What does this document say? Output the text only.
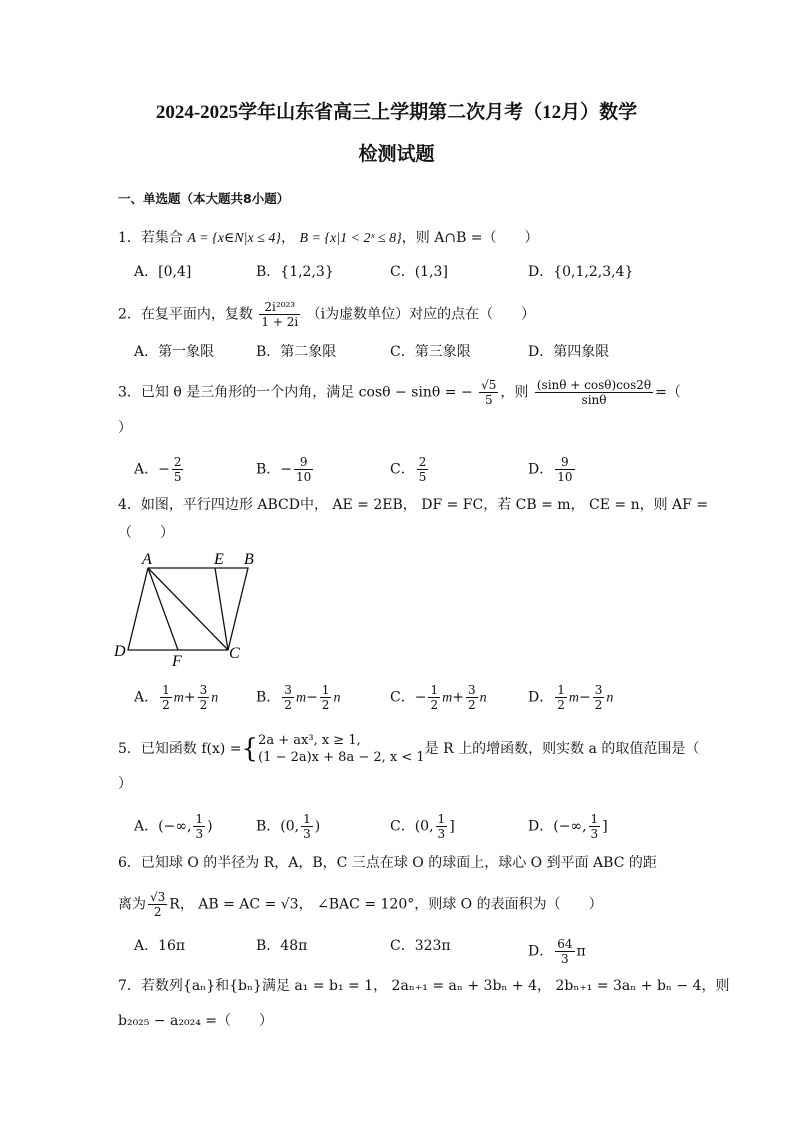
2024-2025学年山东省高三上学期第二次月考（12月）数学
检测试题
一、单选题（本大题共8小题）
1．若集合 A = {x∈N|x ≤ 4}， B = {x|1 < 2ˣ ≤ 8}，则 A∩B =（　　）
A．[0,4]	B．{1,2,3}	C．(1,3]	D．{0,1,2,3,4}
2．在复平面内，复数 $\frac{\text{2i²⁰²³}}{1 + 2i} (i$为虚数单位）对应的点在（　　）
A．第一象限	B．第二象限	C．第三象限	D．第四象限
3．已知 θ 是三角形的一个内角，满足 cosθ − sinθ = − $\frac{√5}{5}$ ，则 $\frac{(\sin\theta + \cos\theta)\cos 2\theta}{\sin\theta}$ =（
）
A．− $\frac{2}{5}$	B．− $\frac{9}{10}$	C． $\frac{2}{5}$	D． $\frac{9}{10}$
4．如图，平行四边形 ABCD中， AE = 2EB， DF = FC，若 CB = m， CE = n，则 AF =
（　　）
A	E B
D
F	C
A． $\frac{1}{2} m+ \frac{3}{2}$ n	B． $\frac{3}{2} m- \frac{1}{2}$ n	C．− $\frac{1}{2} m+ \frac{3}{2}$ n	D． $\frac{1}{2} m- \frac{3}{2}$ n
5．已知函数 f(x) ={ 2a + ax³, x ≥ 1,
(1 − 2a)x + 8a − 2, x < 1
是 R 上的增函数，则实数 a 的取值范围是（
）
A．(−∞, $\frac{1}{3}$ )	B．(0, $\frac{1}{3}$ )	C．(0, $\frac{1}{3}$ ]	D．(−∞, $\frac{1}{3}$ ]
6．已知球 O 的半径为 R，A，B，C 三点在球 O 的球面上，球心 O 到平面 ABC 的距
离为 $\frac{√3}{2}$ R， AB = AC = √3， ∠BAC = 120°，则球 O 的表面积为（　　）
A．16π	B．48π	C．323π	D． $\frac{64}{3}$ π
7．若数列{aₙ}和{bₙ}满足 a₁ = b₁ = 1， 2aₙ₊₁ = aₙ + 3bₙ + 4， 2bₙ₊₁ = 3aₙ + bₙ − 4，则
b₂₀₂₅ − a₂₀₂₄ =（　　）
